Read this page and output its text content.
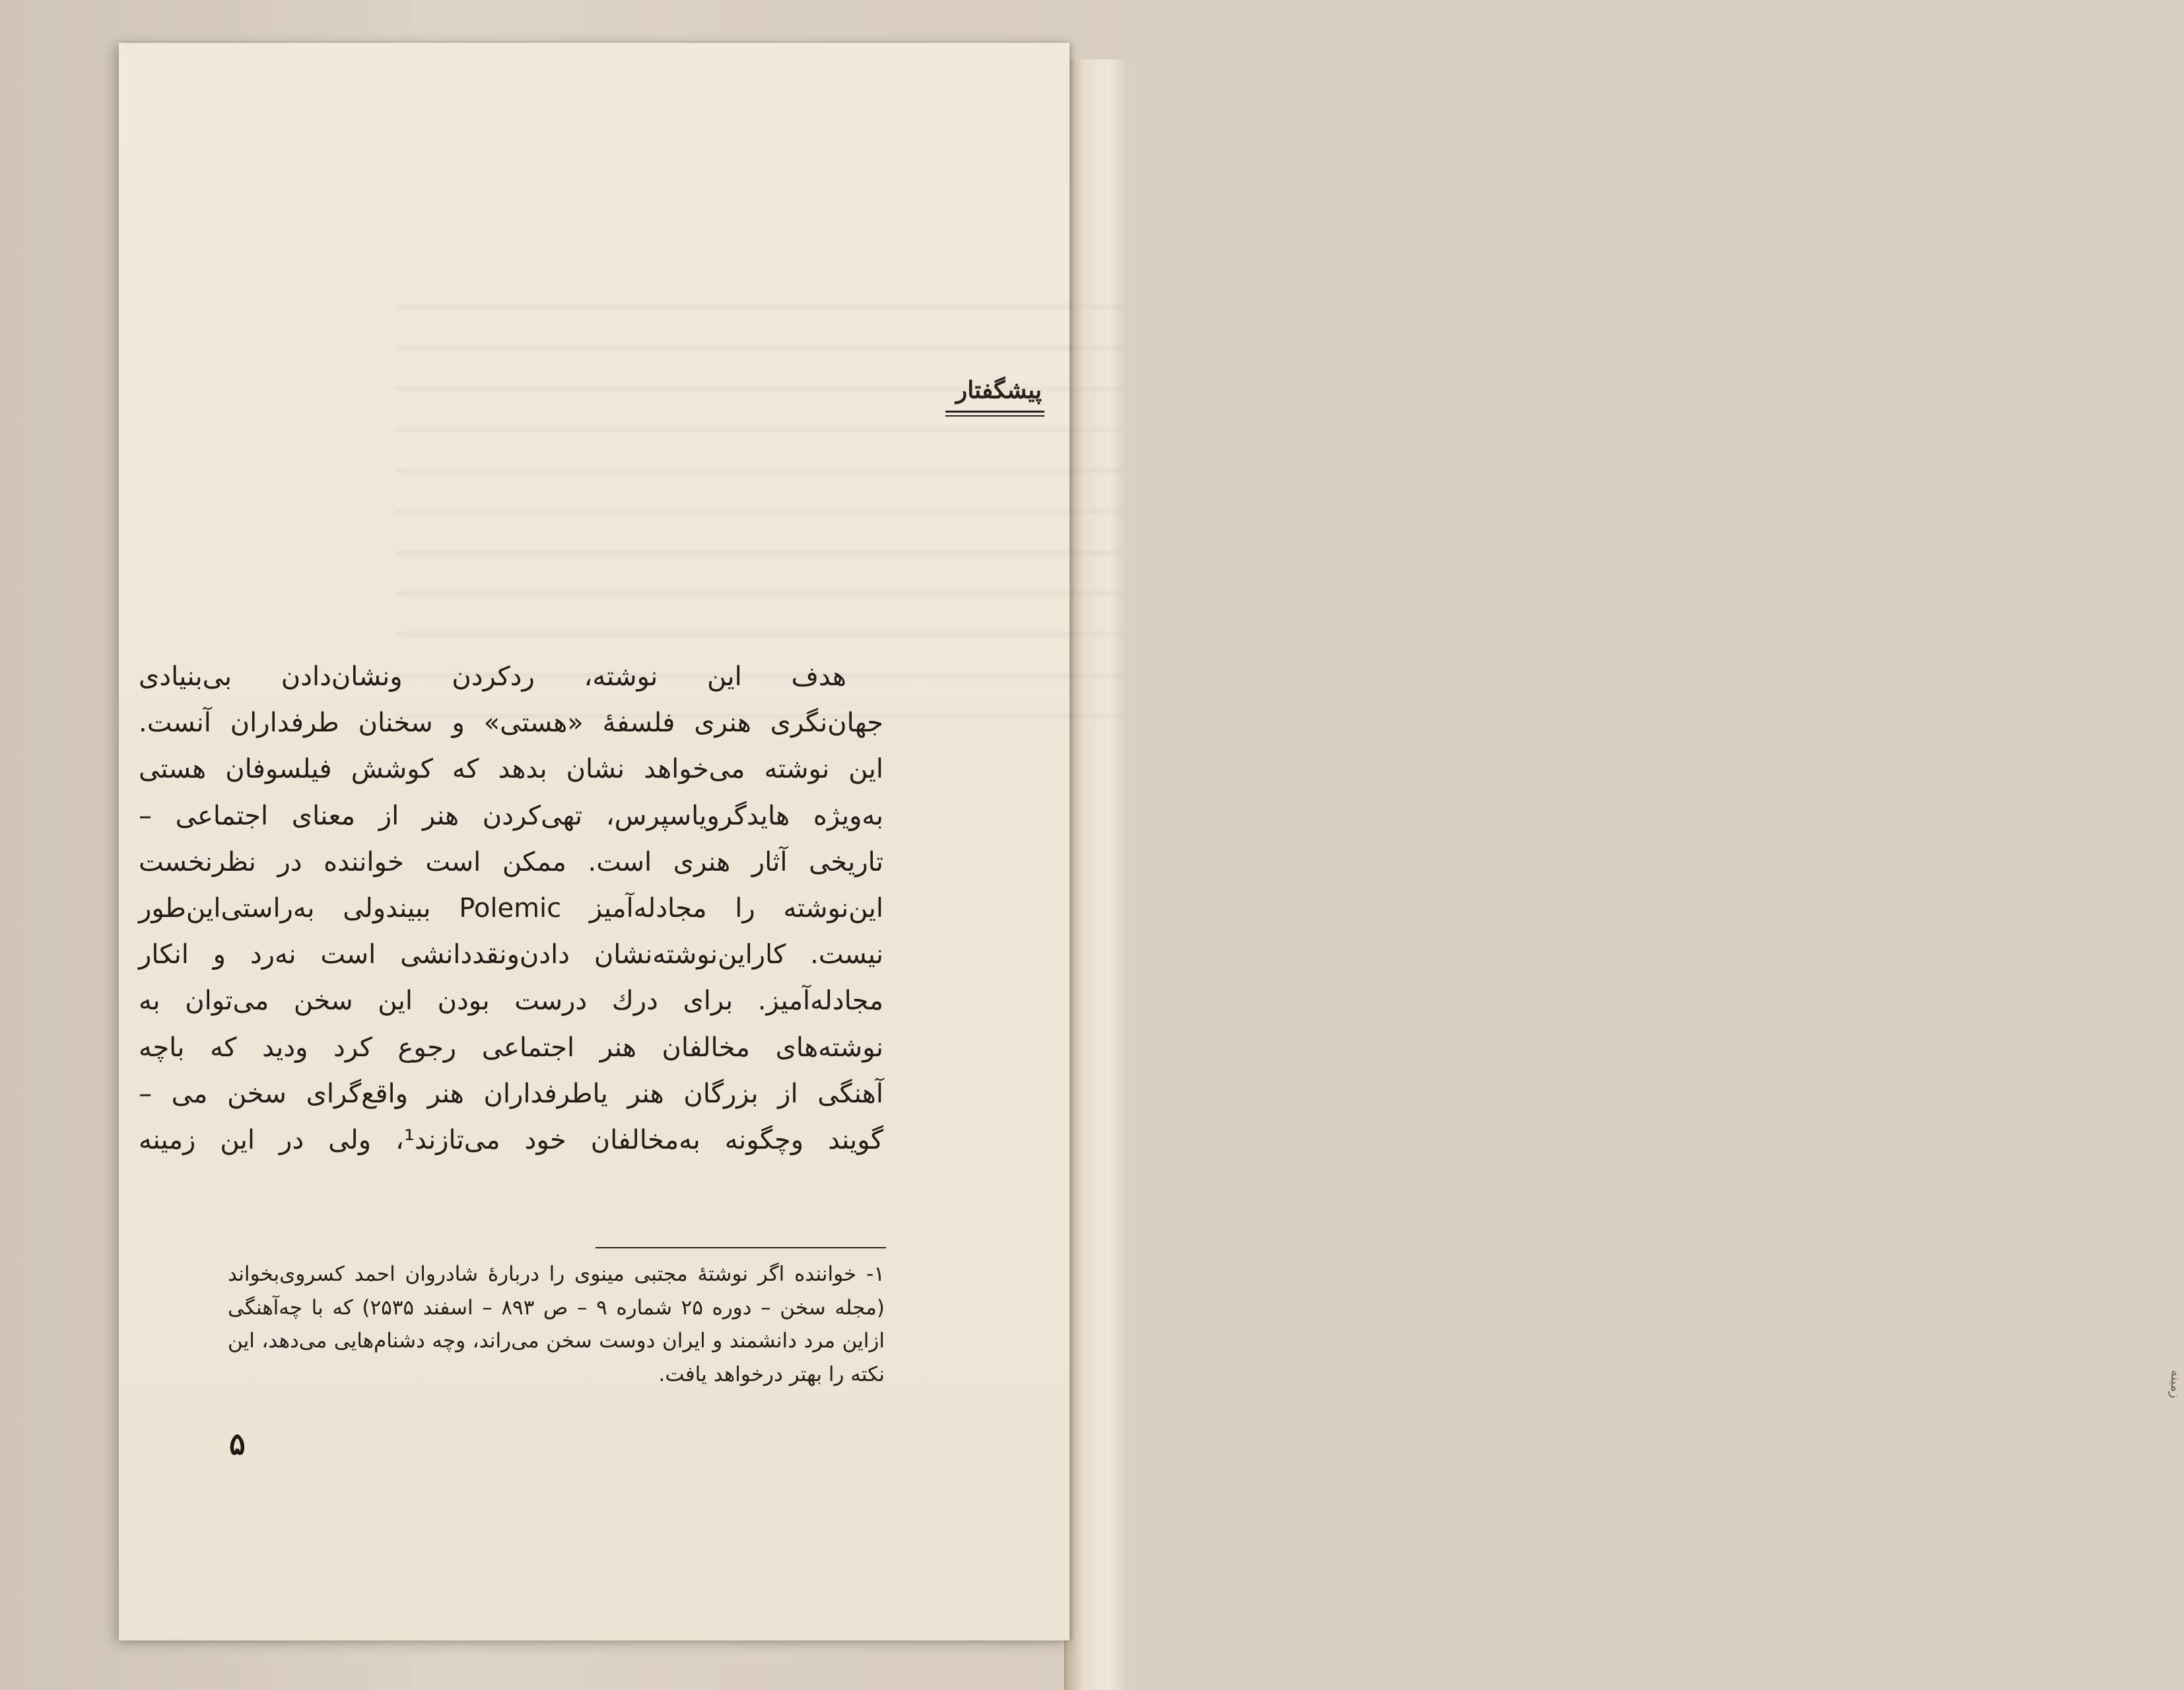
زمینه
پیشگفتار
هدف این نوشته، ردکردن ونشان‌دادن بی‌بنیادی
جهان‌نگری هنری فلسفهٔ «هستی» و سخنان طرفداران آنست.
این نوشته می‌خواهد نشان بدهد که کوشش فیلسوفان هستی
به‌ویژه هایدگرویاسپرس، تهی‌کردن هنر از معنای اجتماعی –
تاریخی آثار هنری است. ممکن است خواننده در نظرنخست
این‌نوشته را مجادله‌آمیز Polemic ببیندولی به‌راستی‌این‌طور
نیست. کاراین‌نوشته‌نشان دادن‌ونقددانشی است نه‌رد و انکار
مجادله‌آمیز. برای درك درست بودن این سخن می‌توان به‌
نوشته‌های مخالفان هنر اجتماعی رجوع کرد ودید که باچه
آهنگی از بزرگان هنر یاطرفداران هنر واقع‌گرای سخن می –
گویند وچگونه به‌مخالفان خود می‌تازند¹، ولی در این زمینه
۱- خواننده اگر نوشتهٔ مجتبی مینوی را دربارهٔ شادروان احمد کسروی‌بخواند
(مجله سخن – دوره ۲۵ شماره ۹ – ص ۸۹۳ – اسفند ۲۵۳۵) که با چه‌آهنگی
ازاین مرد دانشمند و ایران دوست سخن می‌راند، وچه دشنام‌هایی می‌دهد، این
نکته را بهتر درخواهد یافت.
۵
